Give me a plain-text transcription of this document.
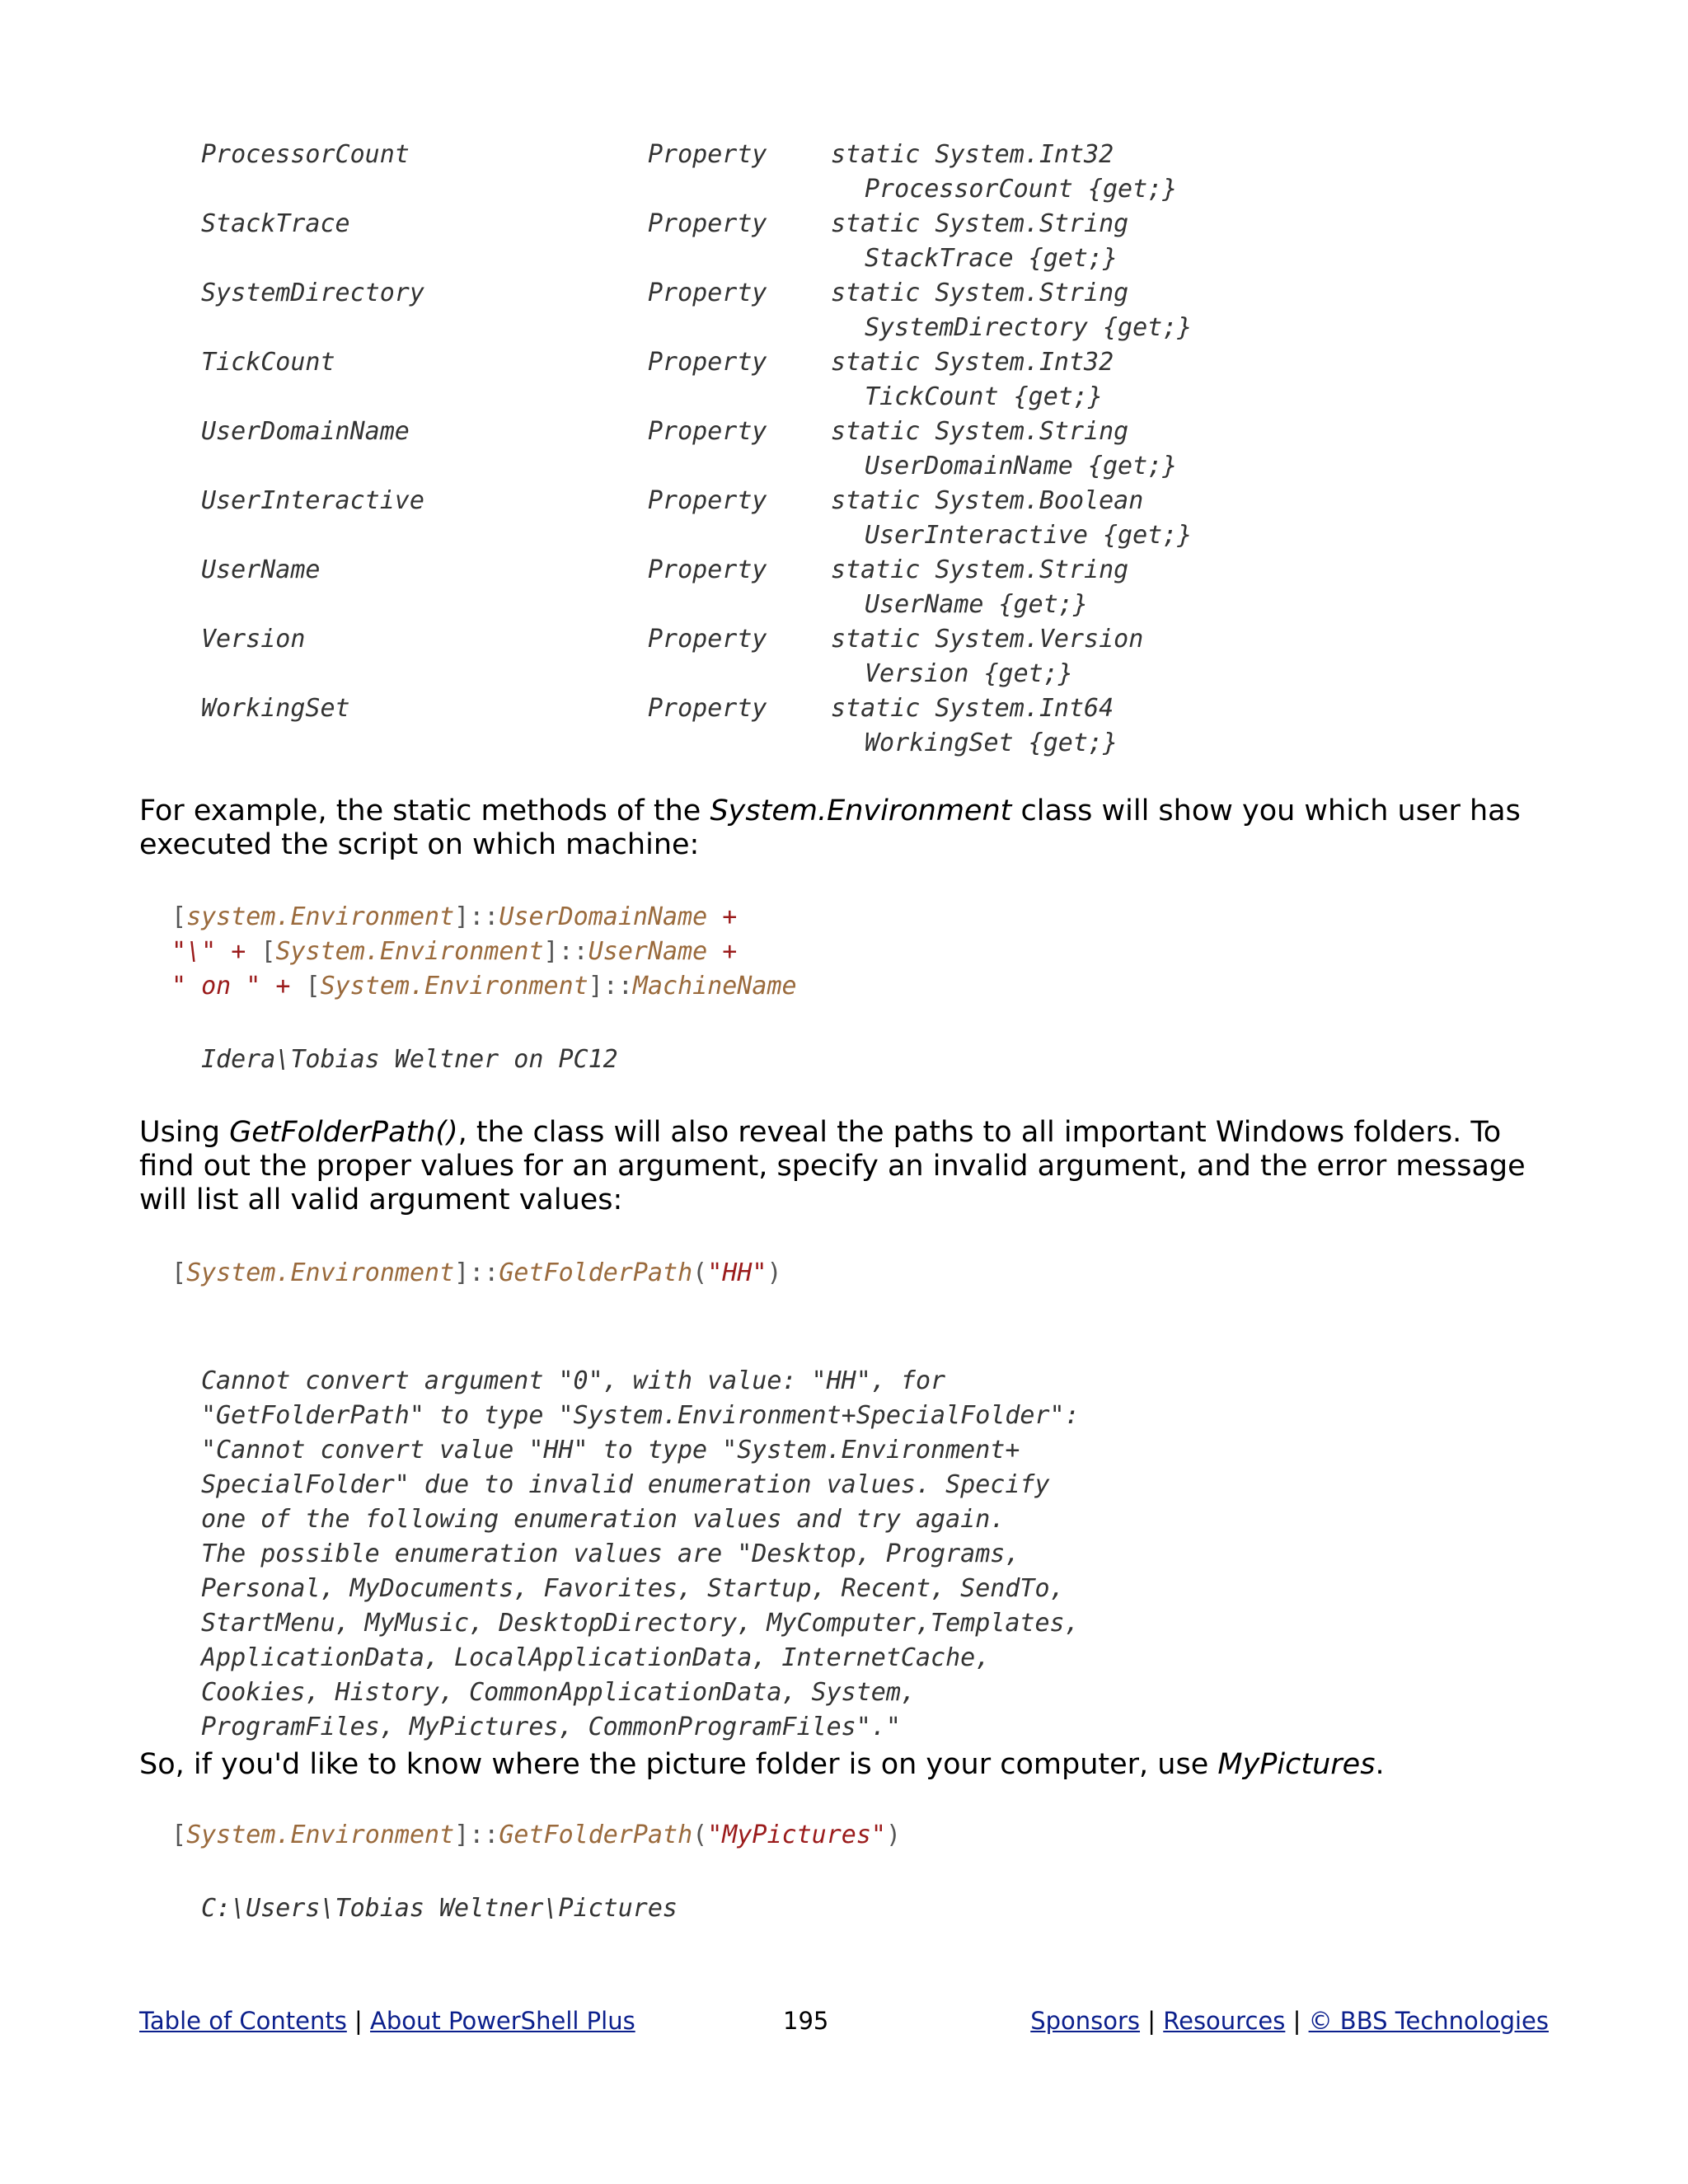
ProcessorCount	Property	static System.Int32
ProcessorCount {get;}
StackTrace	Property	static System.String
StackTrace {get;}
SystemDirectory	Property	static System.String
SystemDirectory {get;}
TickCount	Property	static System.Int32
TickCount {get;}
UserDomainName	Property	static System.String
UserDomainName {get;}
UserInteractive	Property	static System.Boolean
UserInteractive {get;}
UserName	Property	static System.String
UserName {get;}
Version	Property	static System.Version
Version {get;}
WorkingSet	Property	static System.Int64
WorkingSet {get;}

For example, the static methods of the System.Environment class will show you which user has executed the script on which machine:

[system.Environment]::UserDomainName +
"\" + [System.Environment]::UserName +
" on " + [System.Environment]::MachineName
Idera\Tobias Weltner on PC12

Using GetFolderPath(), the class will also reveal the paths to all important Windows folders. To find out the proper values for an argument, specify an invalid argument, and the error message will list all valid argument values:

[System.Environment]::GetFolderPath("HH")

Cannot convert argument "0", with value: "HH", for
"GetFolderPath" to type "System.Environment+SpecialFolder":
"Cannot convert value "HH" to type "System.Environment+
SpecialFolder" due to invalid enumeration values. Specify
one of the following enumeration values and try again.
The possible enumeration values are "Desktop, Programs,
Personal, MyDocuments, Favorites, Startup, Recent, SendTo,
StartMenu, MyMusic, DesktopDirectory, MyComputer,Templates,
ApplicationData, LocalApplicationData, InternetCache,
Cookies, History, CommonApplicationData, System,
ProgramFiles, MyPictures, CommonProgramFiles"."

So, if you'd like to know where the picture folder is on your computer, use MyPictures.

[System.Environment]::GetFolderPath("MyPictures")
C:\Users\Tobias Weltner\Pictures
Table of Contents | About PowerShell Plus	195	Sponsors | Resources | © BBS Technologies
